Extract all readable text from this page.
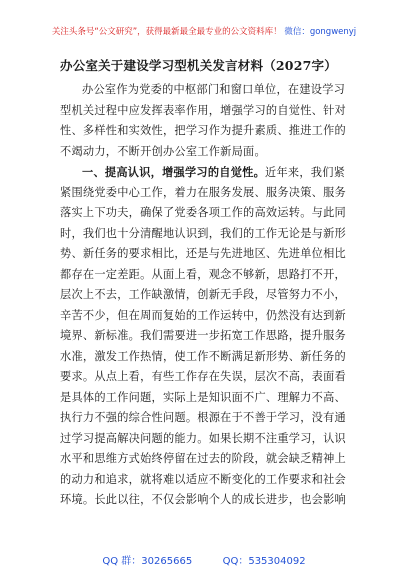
关注头条号“公文研究”，获得最新最全最专业的公文资料库！ 微信：gongwenyj
办公室关于建设学习型机关发言材料（2027字）
办公室作为党委的中枢部门和窗口单位，在建设学习
型机关过程中应发挥表率作用，增强学习的自觉性、针对
性、多样性和实效性，把学习作为提升素质、推进工作的
不竭动力，不断开创办公室工作新局面。
一、提高认识，增强学习的自觉性。近年来，我们紧
紧围绕党委中心工作，着力在服务发展、服务决策、服务
落实上下功夫，确保了党委各项工作的高效运转。与此同
时，我们也十分清醒地认识到，我们的工作无论是与新形
势、新任务的要求相比，还是与先进地区、先进单位相比
都存在一定差距。从面上看，观念不够新，思路打不开，
层次上不去，工作缺激情，创新无手段，尽管努力不小，
辛苦不少，但在周而复始的工作运转中，仍然没有达到新
境界、新标准。我们需要进一步拓宽工作思路，提升服务
水准，激发工作热情，使工作不断满足新形势、新任务的
要求。从点上看，有些工作存在失误，层次不高，表面看
是具体的工作问题，实际上是知识面不广、理解力不高、
执行力不强的综合性问题。根源在于不善于学习，没有通
过学习提高解决问题的能力。如果长期不注重学习，认识
水平和思维方式始终停留在过去的阶段，就会缺乏精神上
的动力和追求，就将难以适应不断变化的工作要求和社会
环境。长此以往，不仅会影响个人的成长进步，也会影响
QQ 群：30265665	QQ：535304092
